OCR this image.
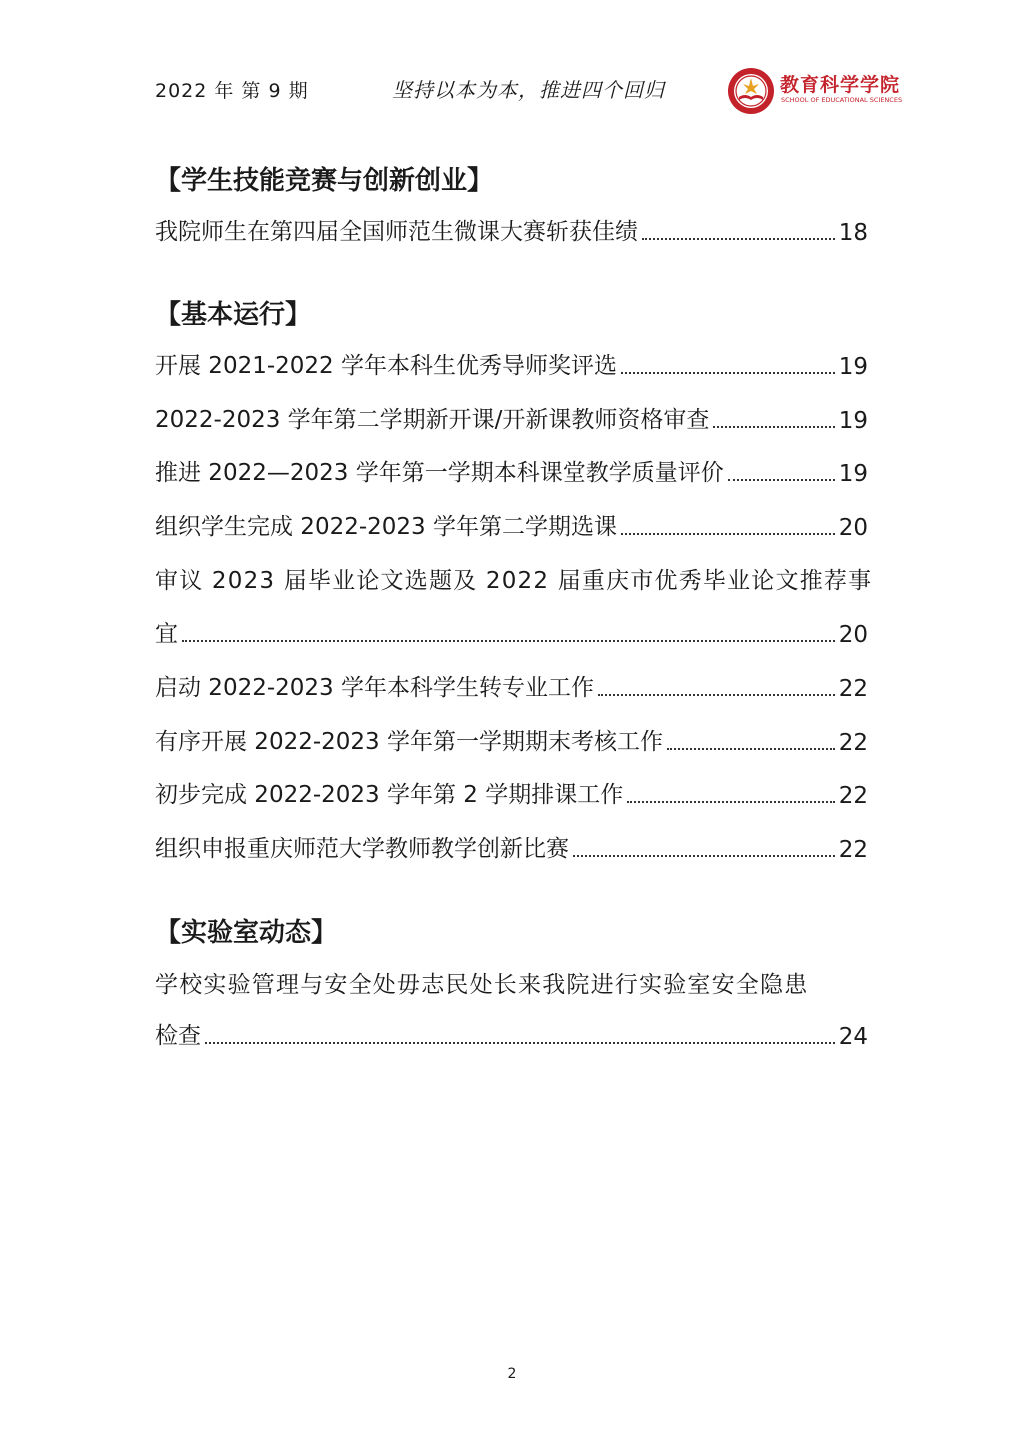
2022 年 第 9 期	坚持以本为本，推进四个回归	教育科学学院
SCHOOL OF EDUCATIONAL SCIENCES
【学生技能竞赛与创新创业】
我院师生在第四届全国师范生微课大赛斩获佳绩	18
【基本运行】
开展 2021-2022 学年本科生优秀导师奖评选	19
2022-2023 学年第二学期新开课/开新课教师资格审查	19
推进 2022—2023 学年第一学期本科课堂教学质量评价	19
组织学生完成 2022-2023 学年第二学期选课	20
审议 2023 届毕业论文选题及 2022 届重庆市优秀毕业论文推荐事
宜	20
启动 2022-2023 学年本科学生转专业工作	22
有序开展 2022-2023 学年第一学期期末考核工作	22
初步完成 2022-2023 学年第 2 学期排课工作	22
组织申报重庆师范大学教师教学创新比赛	22
【实验室动态】
学校实验管理与安全处毋志民处长来我院进行实验室安全隐患
检查	24
2
